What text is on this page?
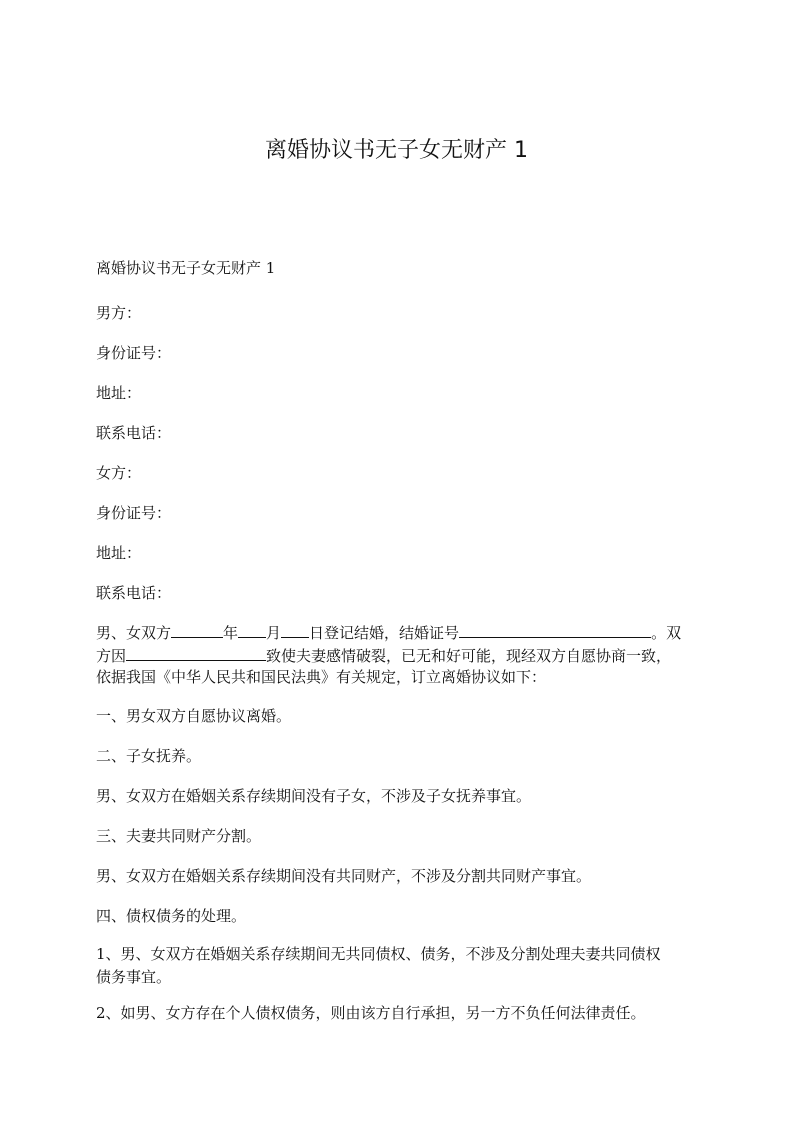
离婚协议书无子女无财产 1
离婚协议书无子女无财产 1
男方：
身份证号：
地址：
联系电话：
女方：
身份证号：
地址：
联系电话：
男、女双方	年 月 日登记结婚，结婚证号	。双
方因	致使夫妻感情破裂，已无和好可能，现经双方自愿协商一致，
依据我国《中华人民共和国民法典》有关规定，订立离婚协议如下：
一、男女双方自愿协议离婚。
二、子女抚养。
男、女双方在婚姻关系存续期间没有子女，不涉及子女抚养事宜。
三、夫妻共同财产分割。
男、女双方在婚姻关系存续期间没有共同财产，不涉及分割共同财产事宜。
四、债权债务的处理。
1、男、女双方在婚姻关系存续期间无共同债权、债务，不涉及分割处理夫妻共同债权
债务事宜。
2、如男、女方存在个人债权债务，则由该方自行承担，另一方不负任何法律责任。
